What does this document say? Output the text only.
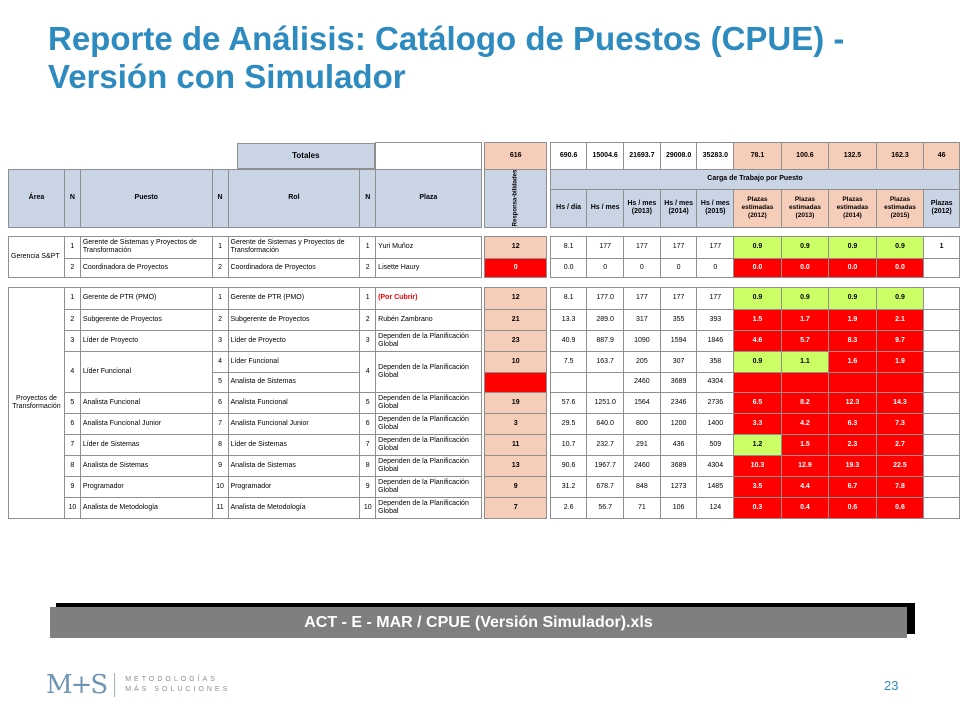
Reporte de Análisis: Catálogo de Puestos (CPUE) - Versión con Simulador
Totales								616		690.6	15004.6	21693.7	29008.0	35283.0	78.1	100.6	132.5	162.3	46
Área	N	Puesto	N	Rol	N	Plaza		Responsa-bilidades		Carga de Trabajo por Puesto									
										Hs / día	Hs / mes	Hs / mes (2013)	Hs / mes (2014)	Hs / mes (2015)	Plazas estimadas (2012)	Plazas estimadas (2013)	Plazas estimadas (2014)	Plazas estimadas (2015)	Plazas (2012)

Gerencia S&PT	1	Gerente de Sistemas y Proyectos de Transformación	1	Gerente de Sistemas y Proyectos de Transformación	1	Yuri Muñoz		12		8.1	177	177	177	177	0.9	0.9	0.9	0.9	1
	2	Coordinadora de Proyectos	2	Coordinadora de Proyectos	2	Lisette Haury		0		0.0	0	0	0	0	0.0	0.0	0.0	0.0	

Proyectos de Transformación	1	Gerente de PTR (PMO)	1	Gerente de PTR (PMO)	1	(Por Cubrir)		12		8.1	177.0	177	177	177	0.9	0.9	0.9	0.9	
	2	Subgerente de Proyectos	2	Subgerente de Proyectos	2	Rubén Zambrano		21		13.3	289.0	317	355	393	1.5	1.7	1.9	2.1	
	3	Líder de Proyecto	3	Líder de Proyecto	3	Dependen de la Planificación Global		23		40.9	887.9	1090	1594	1846	4.6	5.7	8.3	9.7	
	4	Líder Funcional	4	Líder Funcional	4	Dependen de la Planificación Global		10		7.5	163.7	205	307	358	0.9	1.1	1.6	1.9	
			5	Analista de Sistemas								2460	3689	4304					
	5	Analista Funcional	6	Analista Funcional	5	Dependen de la Planificación Global		19		57.6	1251.0	1564	2346	2736	6.5	8.2	12.3	14.3	
	6	Analista Funcional Junior	7	Analista Funcional Junior	6	Dependen de la Planificación Global		3		29.5	640.0	800	1200	1400	3.3	4.2	6.3	7.3	
	7	Líder de Sistemas	8	Líder de Sistemas	7	Dependen de la Planificación Global		11		10.7	232.7	291	436	509	1.2	1.5	2.3	2.7	
	8	Analista de Sistemas	9	Analista de Sistemas	8	Dependen de la Planificación Global		13		90.6	1967.7	2460	3689	4304	10.3	12.9	19.3	22.5	
	9	Programador	10	Programador	9	Dependen de la Planificación Global		9		31.2	678.7	848	1273	1485	3.5	4.4	6.7	7.8	
	10	Analista de Metodología	11	Analista de Metodología	10	Dependen de la Planificación Global		7		2.6	56.7	71	106	124	0.3	0.4	0.6	0.6	
ACT - E - MAR / CPUE (Versión Simulador).xls
M+S	METODOLOGÍAS
MÁS SOLUCIONES	23
